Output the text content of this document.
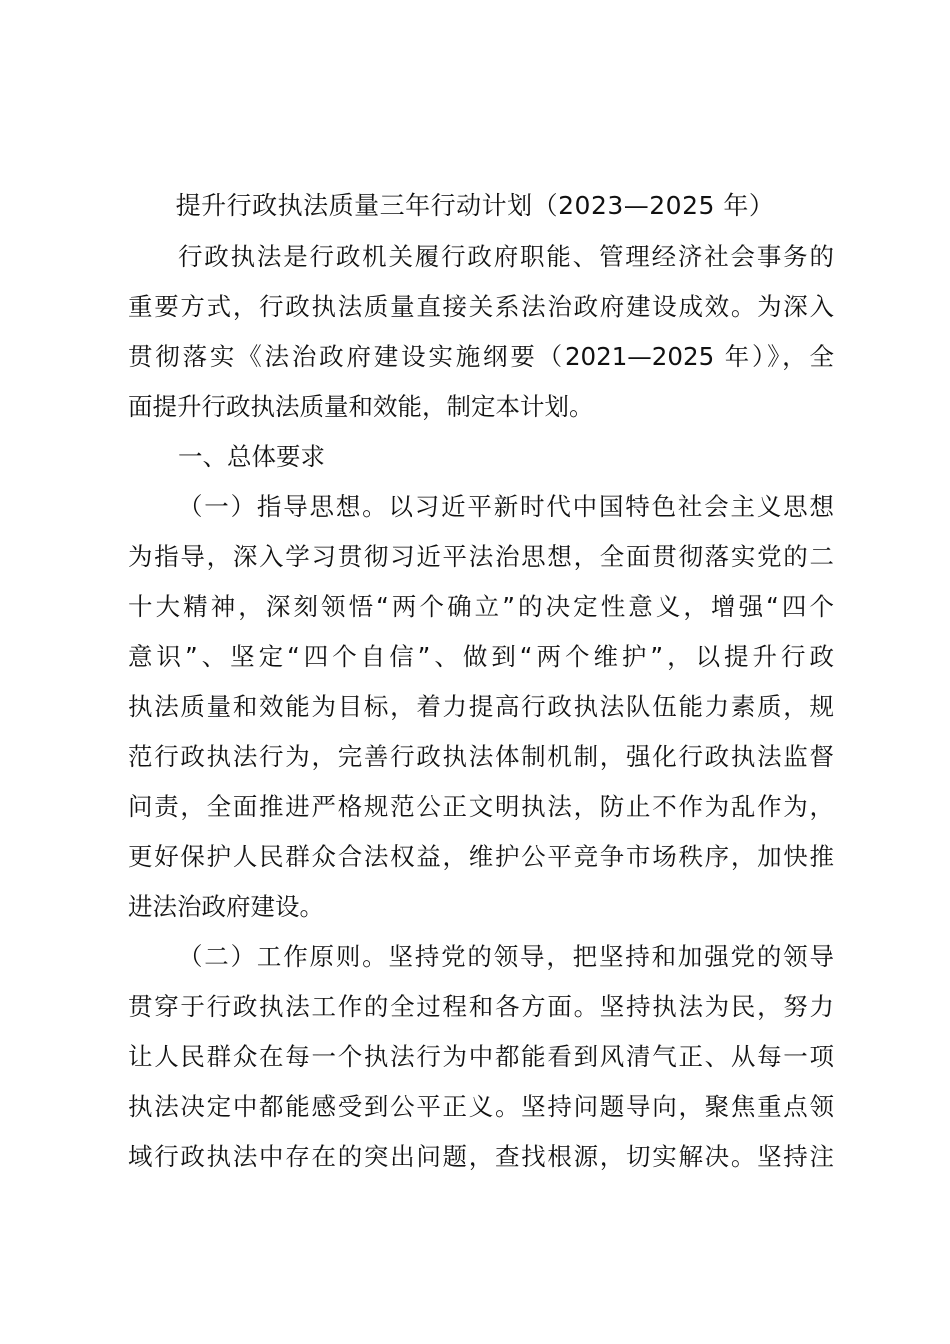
提升行政执法质量三年行动计划（2023—2025 年）
行政执法是行政机关履行政府职能、管理经济社会事务的
重要方式，行政执法质量直接关系法治政府建设成效。为深入
贯彻落实《法治政府建设实施纲要（2021—2025 年）》，全
面提升行政执法质量和效能，制定本计划。
一、总体要求
（一）指导思想。以习近平新时代中国特色社会主义思想
为指导，深入学习贯彻习近平法治思想，全面贯彻落实党的二
十大精神，深刻领悟“两个确立”的决定性意义，增强“四个
意识”、坚定“四个自信”、做到“两个维护”，以提升行政
执法质量和效能为目标，着力提高行政执法队伍能力素质，规
范行政执法行为，完善行政执法体制机制，强化行政执法监督
问责，全面推进严格规范公正文明执法，防止不作为乱作为，
更好保护人民群众合法权益，维护公平竞争市场秩序，加快推
进法治政府建设。
（二）工作原则。坚持党的领导，把坚持和加强党的领导
贯穿于行政执法工作的全过程和各方面。坚持执法为民，努力
让人民群众在每一个执法行为中都能看到风清气正、从每一项
执法决定中都能感受到公平正义。坚持问题导向，聚焦重点领
域行政执法中存在的突出问题，查找根源，切实解决。坚持注
